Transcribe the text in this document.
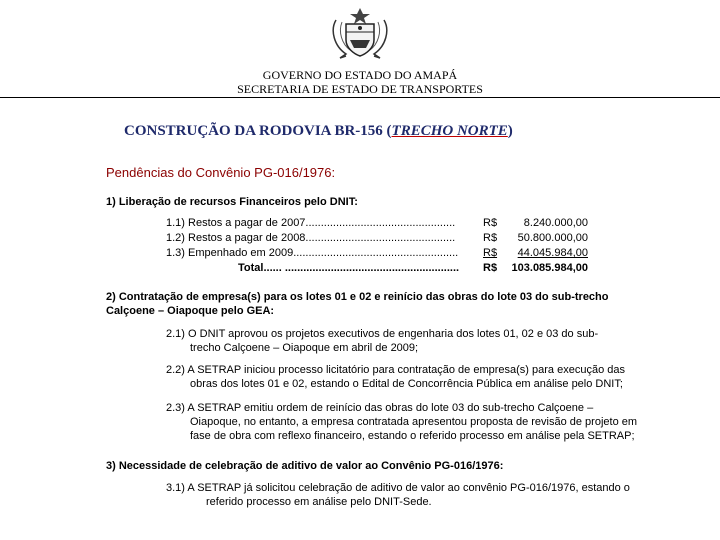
GOVERNO DO ESTADO DO AMAPÁ
SECRETARIA DE ESTADO DE TRANSPORTES
CONSTRUÇÃO DA RODOVIA BR-156 (TRECHO NORTE)
Pendências do Convênio PG-016/1976:
1) Liberação de recursos Financeiros pelo DNIT:
1.1) Restos a pagar de 2007.................................................	R$	8.240.000,00
1.2) Restos a pagar de 2008.................................................	R$	50.800.000,00
1.3) Empenhado em 2009......................................................	R$	44.045.984,00
Total...... .........................................................	R$	103.085.984,00
2) Contratação de empresa(s) para os lotes 01 e 02 e reinício das obras do lote 03 do sub-trecho
Calçoene – Oiapoque pelo GEA:
2.1) O DNIT aprovou os projetos executivos de engenharia dos lotes 01, 02 e 03 do sub-
trecho Calçoene – Oiapoque em abril de 2009;
2.2) A SETRAP iniciou processo licitatório para contratação de empresa(s) para execução das
obras dos lotes 01 e 02, estando o Edital de Concorrência Pública em análise pelo DNIT;
2.3) A SETRAP emitiu ordem de reinício das obras do lote 03 do sub-trecho Calçoene –
Oiapoque, no entanto, a empresa contratada apresentou proposta de revisão de projeto em
fase de obra com reflexo financeiro, estando o referido processo em análise pela SETRAP;
3) Necessidade de celebração de aditivo de valor ao Convênio PG-016/1976:
3.1) A SETRAP já solicitou celebração de aditivo de valor ao convênio PG-016/1976, estando o
referido processo em análise pelo DNIT-Sede.
